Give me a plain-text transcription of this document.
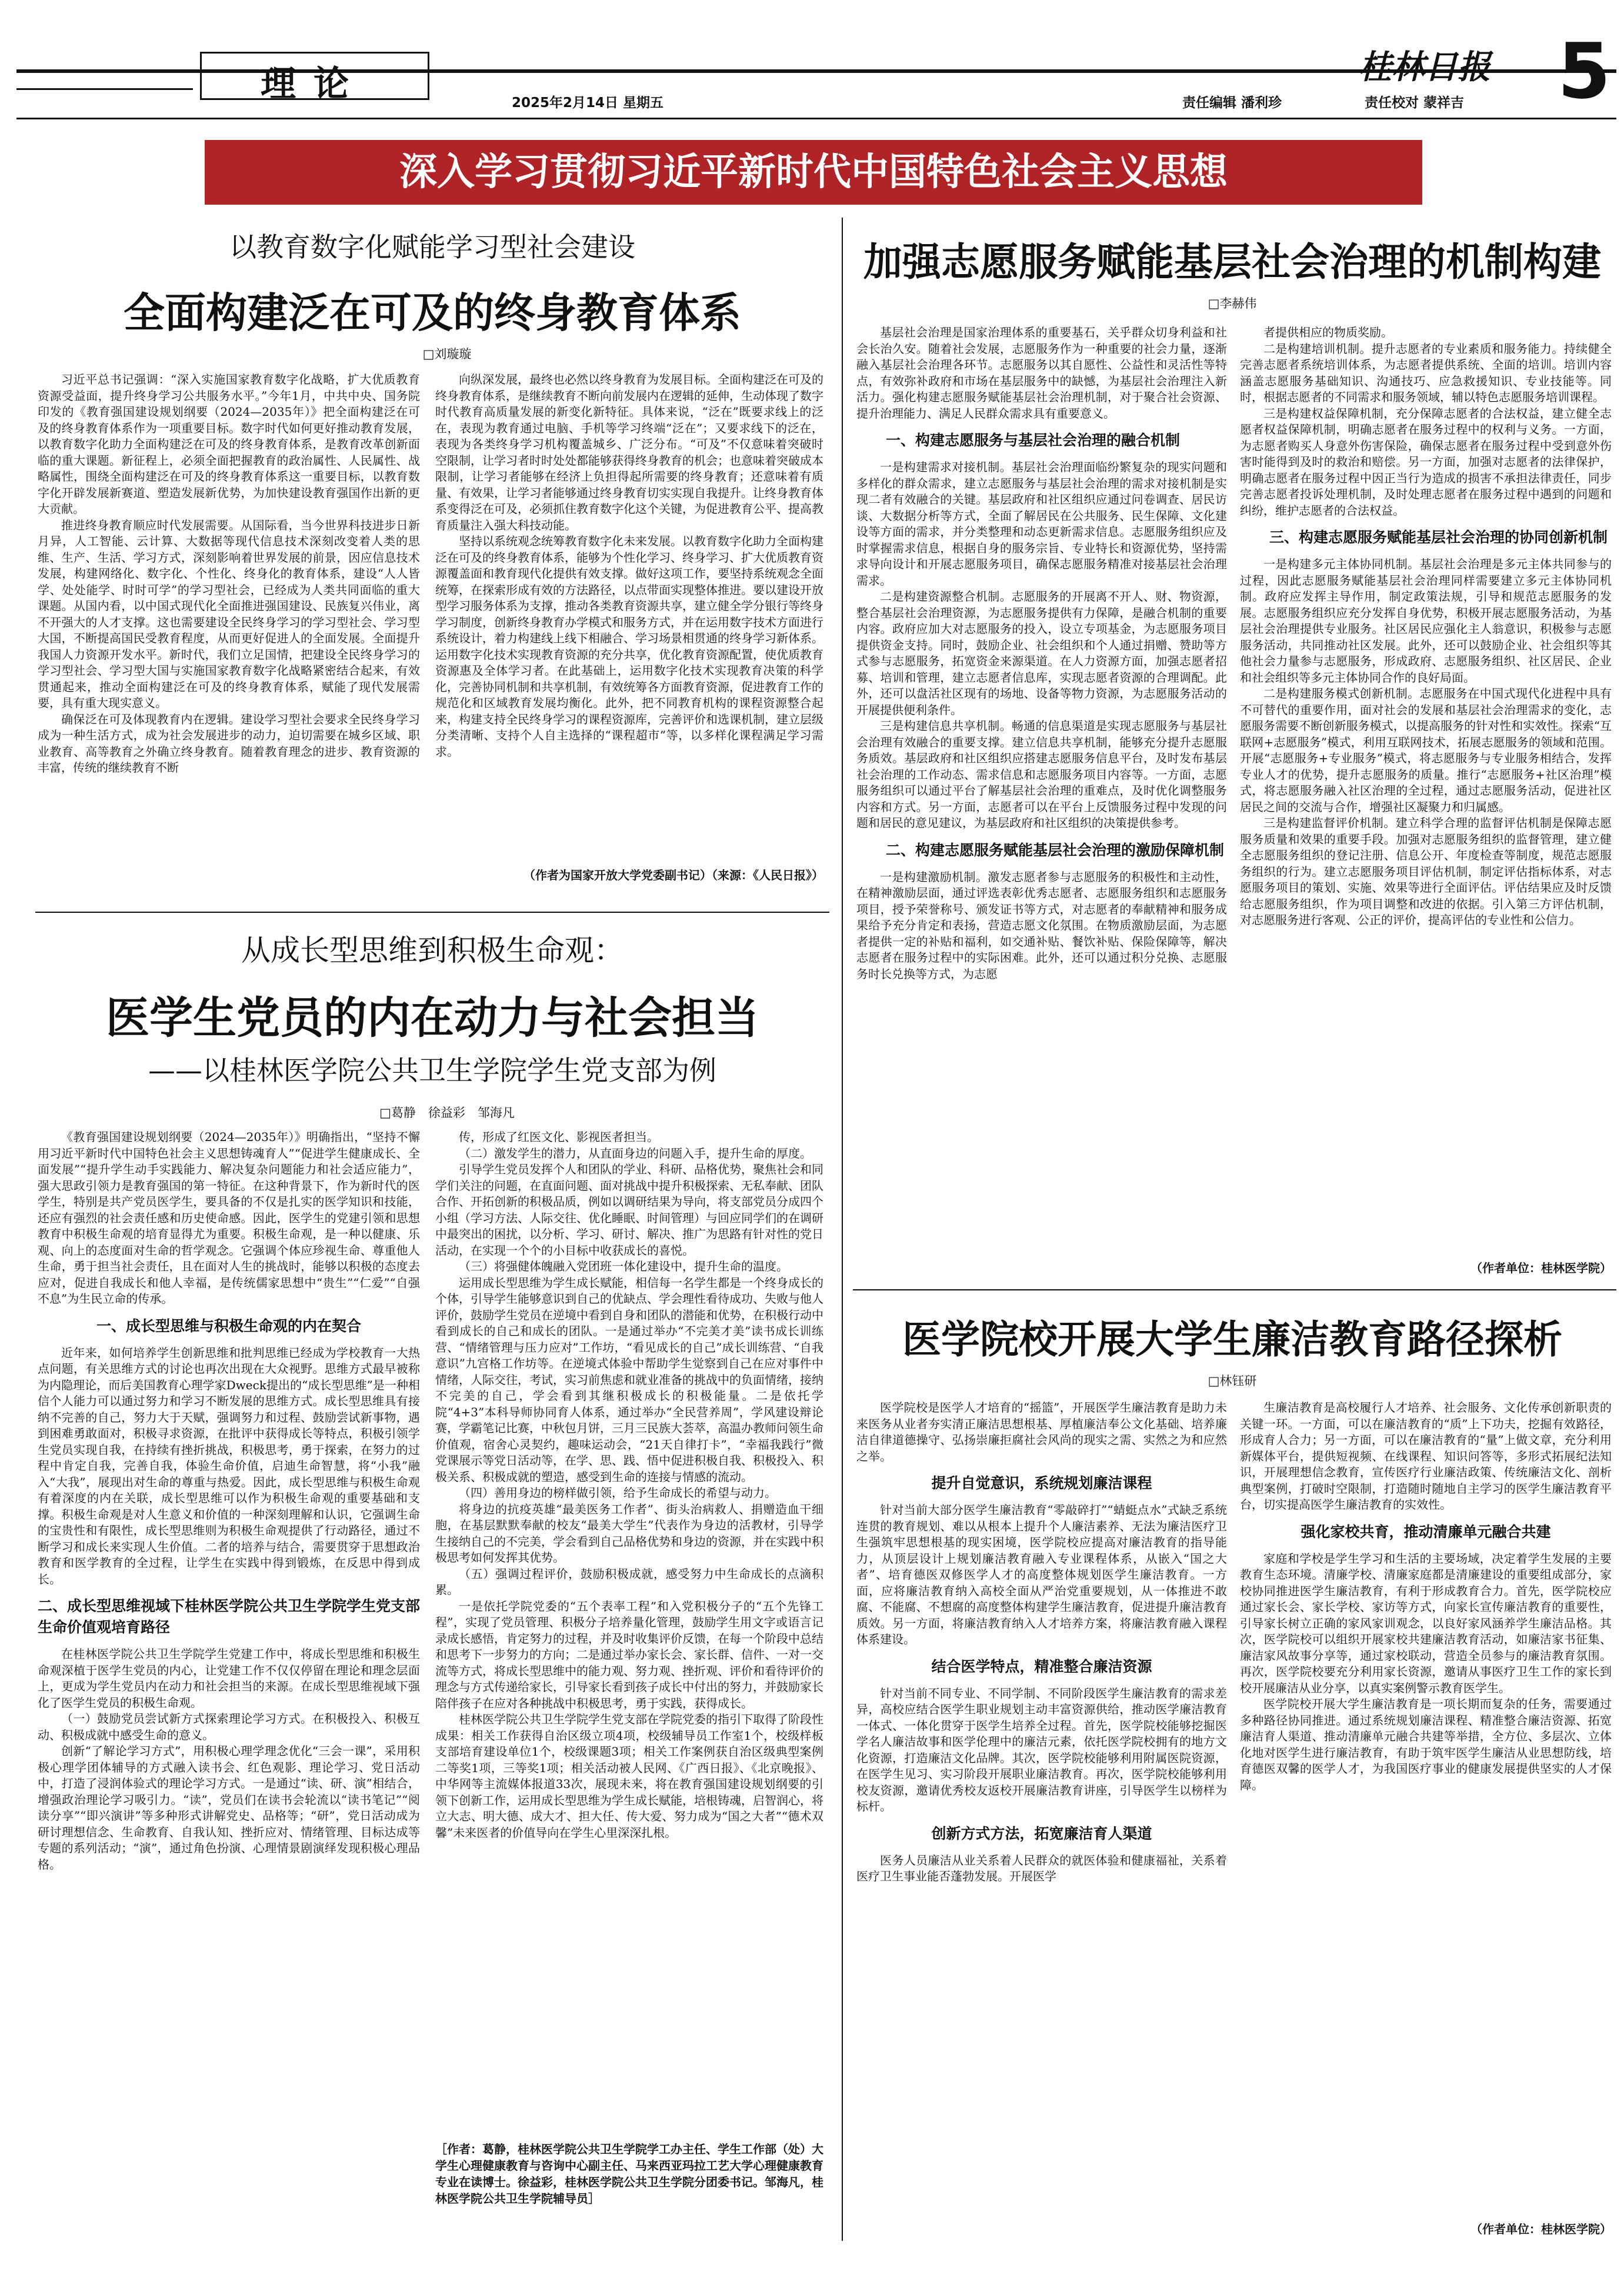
理论	2025年2月14日 星期五
桂林日报
责任编辑 潘利珍	责任校对 蒙祥吉 5
深入学习贯彻习近平新时代中国特色社会主义思想
以教育数字化赋能学习型社会建设
全面构建泛在可及的终身教育体系
□刘璇璇

习近平总书记强调：“深入实施国家教育数字化战略，扩大优质教育资源受益面，提升终身学习公共服务水平。”今年1月，中共中央、国务院印发的《教育强国建设规划纲要（2024—2035年）》把全面构建泛在可及的终身教育体系作为一项重要目标。数字时代如何更好推动教育发展，以教育数字化助力全面构建泛在可及的终身教育体系，是教育改革创新面临的重大课题。新征程上，必须全面把握教育的政治属性、人民属性、战略属性，围绕全面构建泛在可及的终身教育体系这一重要目标，以教育数字化开辟发展新赛道、塑造发展新优势，为加快建设教育强国作出新的更大贡献。

推进终身教育顺应时代发展需要。从国际看，当今世界科技进步日新月异，人工智能、云计算、大数据等现代信息技术深刻改变着人类的思维、生产、生活、学习方式，深刻影响着世界发展的前景，因应信息技术发展，构建网络化、数字化、个性化、终身化的教育体系，建设“人人皆学、处处能学、时时可学”的学习型社会，已经成为人类共同面临的重大课题。从国内看，以中国式现代化全面推进强国建设、民族复兴伟业，离不开强大的人才支撑。这也需要建设全民终身学习的学习型社会、学习型大国，不断提高国民受教育程度，从而更好促进人的全面发展。全面提升我国人力资源开发水平。新时代，我们立足国情，把建设全民终身学习的学习型社会、学习型大国与实施国家教育数字化战略紧密结合起来，有效贯通起来，推动全面构建泛在可及的终身教育体系，赋能了现代发展需要，具有重大现实意义。

确保泛在可及体现教育内在逻辑。建设学习型社会要求全民终身学习成为一种生活方式，成为社会发展进步的动力，迫切需要在城乡区域、职业教育、高等教育之外确立终身教育。随着教育理念的进步、教育资源的丰富，传统的继续教育不断

向纵深发展，最终也必然以终身教育为发展目标。全面构建泛在可及的终身教育体系，是继续教育不断向前发展内在逻辑的延伸，生动体现了数字时代教育高质量发展的新变化新特征。具体来说，“泛在”既要求线上的泛在，表现为教育通过电脑、手机等学习终端“泛在”；又要求线下的泛在，表现为各类终身学习机构覆盖城乡、广泛分布。“可及”不仅意味着突破时空限制，让学习者时时处处都能够获得终身教育的机会；也意味着突破成本限制，让学习者能够在经济上负担得起所需要的终身教育；还意味着有质量、有效果，让学习者能够通过终身教育切实实现自我提升。让终身教育体系变得泛在可及，必须抓住教育数字化这个关键，为促进教育公平、提高教育质量注入强大科技动能。

坚持以系统观念统筹教育数字化未来发展。以教育数字化助力全面构建泛在可及的终身教育体系，能够为个性化学习、终身学习、扩大优质教育资源覆盖面和教育现代化提供有效支撑。做好这项工作，要坚持系统观念全面统筹，在探索形成有效的方法路径，以点带面实现整体推进。要以建设开放型学习服务体系为支撑，推动各类教育资源共享，建立健全学分银行等终身学习制度，创新终身教育办学模式和服务方式，并在运用数字技术方面进行系统设计，着力构建线上线下相融合、学习场景相贯通的终身学习新体系。运用数字化技术实现教育资源的充分共享，优化教育资源配置，使优质教育资源惠及全体学习者。在此基础上，运用数字化技术实现教育决策的科学化，完善协同机制和共享机制，有效统筹各方面教育资源，促进教育工作的规范化和区域教育发展均衡化。此外，把不同教育机构的课程资源整合起来，构建支持全民终身学习的课程资源库，完善评价和选课机制，建立层级分类清晰、支持个人自主选择的“课程超市”等，以多样化课程满足学习需求。

（作者为国家开放大学党委副书记）（来源：《人民日报》）
从成长型思维到积极生命观：
医学生党员的内在动力与社会担当
——以桂林医学院公共卫生学院学生党支部为例
□葛静　徐益彩　邹海凡

《教育强国建设规划纲要（2024—2035年）》明确指出，“坚持不懈用习近平新时代中国特色社会主义思想铸魂育人”“促进学生健康成长、全面发展”“提升学生动手实践能力、解决复杂问题能力和社会适应能力”，强大思政引领力是教育强国的第一特征。在这种背景下，作为新时代的医学生，特别是共产党员医学生，要具备的不仅是扎实的医学知识和技能，还应有强烈的社会责任感和历史使命感。因此，医学生的党建引领和思想教育中积极生命观的培育显得尤为重要。积极生命观，是一种以健康、乐观、向上的态度面对生命的哲学观念。它强调个体应珍视生命、尊重他人生命，勇于担当社会责任，且在面对人生的挑战时，能够以积极的态度去应对，促进自我成长和他人幸福，是传统儒家思想中“贵生”“仁爱”“自强不息”为生民立命的传承。

一、成长型思维与积极生命观的内在契合

近年来，如何培养学生创新思维和批判思维已经成为学校教育一大热点问题，有关思维方式的讨论也再次出现在大众视野。思维方式最早被称为内隐理论，而后美国教育心理学家Dweck提出的“成长型思维”是一种相信个人能力可以通过努力和学习不断发展的思维方式。成长型思维具有接纳不完善的自己，努力大于天赋，强调努力和过程、鼓励尝试新事物，遇到困难勇敢面对，积极寻求资源，在批评中获得成长等特点，积极引领学生党员实现自我，在持续有挫折挑战，积极思考，勇于探索，在努力的过程中肯定自我，完善自我，体验生命价值，启迪生命智慧，将“小我”融入“大我”，展现出对生命的尊重与热爱。因此，成长型思维与积极生命观有着深度的内在关联，成长型思维可以作为积极生命观的重要基础和支撑。积极生命观是对人生意义和价值的一种深刻理解和认识，它强调生命的宝贵性和有限性，成长型思维则为积极生命观提供了行动路径，通过不断学习和成长来实现人生价值。二者的培养与结合，需要贯穿于思想政治教育和医学教育的全过程，让学生在实践中得到锻炼，在反思中得到成长。

二、成长型思维视域下桂林医学院公共卫生学院学生党支部生命价值观培育路径

在桂林医学院公共卫生学院学生党建工作中，将成长型思维和积极生命观深植于医学生党员的内心，让党建工作不仅仅停留在理论和理念层面上，更成为学生党员内在动力和社会担当的来源。在成长型思维视域下强化了医学生党员的积极生命观。

（一）鼓励党员尝试新方式探索理论学习方式。在积极投入、积极互动、积极成就中感受生命的意义。

创新“了解论学习方式”，用积极心理学理念优化“三会一课”，采用积极心理学团体辅导的方式融入读书会、红色观影、理论学习、党日活动中，打造了浸润体验式的理论学习方式。一是通过“读、研、演”相结合，增强政治理论学习吸引力。“读”，党员们在读书会轮流以“读书笔记”“阅读分享”“即兴演讲”等多种形式讲解党史、品格等；“研”，党日活动成为研讨理想信念、生命教育、自我认知、挫折应对、情绪管理、目标达成等专题的系列活动；“演”，通过角色扮演、心理情景剧演绎发现积极心理品格。

传，形成了红医文化、影视医者担当。

（二）激发学生的潜力，从直面身边的问题入手，提升生命的厚度。

引导学生党员发挥个人和团队的学业、科研、品格优势，聚焦社会和同学们关注的问题，在直面问题、面对挑战中提升积极探索、无私奉献、团队合作、开拓创新的积极品质，例如以调研结果为导向，将支部党员分成四个小组（学习方法、人际交往、优化睡眠、时间管理）与回应同学们的在调研中最突出的困扰，以分析、学习、研讨、解决、推广为思路有针对性的党日活动，在实现一个个的小目标中收获成长的喜悦。

（三）将强健体魄融入党团班一体化建设中，提升生命的温度。

运用成长型思维为学生成长赋能，相信每一名学生都是一个终身成长的个体，引导学生能够意识到自己的优缺点、学会理性看待成功、失败与他人评价，鼓励学生党员在逆境中看到自身和团队的潜能和优势，在积极行动中看到成长的自己和成长的团队。一是通过举办“不完美才美”读书成长训练营、“情绪管理与压力应对”工作坊，“看见成长的自己”成长训练营、“自我意识”九宫格工作坊等。在逆境式体验中帮助学生觉察到自己在应对事件中情绪，人际交往，考试，实习前焦虑和就业准备的挑战中的负面情绪，接纳不完美的自己，学会看到其继积极成长的积极能量。二是依托学院“4+3”本科导师协同育人体系，通过举办“全民营养周”，学风建设辩论赛，学霸笔记比赛，中秋包月饼，三月三民族大荟萃，高温办教师问领生命价值观，宿舍心灵契约，趣味运动会，“21天自律打卡”，“幸福我践行”微党课展示等党日活动等，在学、思、践、悟中促进积极自我、积极投入、积极关系、积极成就的塑造，感受到生命的连接与情感的流动。

（四）善用身边的榜样做引领，给予生命成长的希望与动力。

将身边的抗疫英雄“最美医务工作者”、街头治病救人、捐赠造血干细胞，在基层默默奉献的校友“最美大学生”代表作为身边的活教材，引导学生接纳自己的不完美，学会看到自己品格优势和身边的资源，并在实践中积极思考如何发挥其优势。

（五）强调过程评价，鼓励积极成就，感受努力中生命成长的点滴积累。

一是依托学院党委的“五个表率工程”和入党积极分子的“五个先锋工程”，实现了党员管理、积极分子培养量化管理，鼓励学生用文字或语言记录成长感悟，肯定努力的过程，并及时收集评价反馈，在每一个阶段中总结和思考下一步努力的方向；二是通过举办家长会、家长群、信件、一对一交流等方式，将成长型思维中的能力观、努力观、挫折观、评价和看待评价的理念与方式传递给家长，引导家长看到孩子成长中付出的努力，并鼓励家长陪伴孩子在应对各种挑战中积极思考，勇于实践，获得成长。

桂林医学院公共卫生学院学生党支部在学院党委的指引下取得了阶段性成果：相关工作获得自治区级立项4项，校级辅导员工作室1个，校级样板支部培育建设单位1个，校级课题3项；相关工作案例获自治区级典型案例二等奖1项，三等奖1项；相关活动被人民网、《广西日报》、《北京晚报》、中华网等主流媒体报道33次，展现未来，将在教育强国建设规划纲要的引领下创新工作，运用成长型思维为学生成长赋能，培根铸魂，启智润心，将立大志、明大德、成大才、担大任、传大爱、努力成为“国之大者”“德术双馨”未来医者的价值导向在学生心里深深扎根。

［作者：葛静，桂林医学院公共卫生学院学工办主任、学生工作部（处）大学生心理健康教育与咨询中心副主任、马来西亚玛拉工艺大学心理健康教育专业在读博士。徐益彩，桂林医学院公共卫生学院分团委书记。邹海凡，桂林医学院公共卫生学院辅导员］
加强志愿服务赋能基层社会治理的机制构建
□李赫伟

基层社会治理是国家治理体系的重要基石，关乎群众切身利益和社会长治久安。随着社会发展，志愿服务作为一种重要的社会力量，逐渐融入基层社会治理各环节。志愿服务以其自愿性、公益性和灵活性等特点，有效弥补政府和市场在基层服务中的缺憾，为基层社会治理注入新活力。强化构建志愿服务赋能基层社会治理机制，对于聚合社会资源、提升治理能力、满足人民群众需求具有重要意义。

一、构建志愿服务与基层社会治理的融合机制

一是构建需求对接机制。基层社会治理面临纷繁复杂的现实问题和多样化的群众需求，建立志愿服务与基层社会治理的需求对接机制是实现二者有效融合的关键。基层政府和社区组织应通过问卷调查、居民访谈、大数据分析等方式，全面了解居民在公共服务、民生保障、文化建设等方面的需求，并分类整理和动态更新需求信息。志愿服务组织应及时掌握需求信息，根据自身的服务宗旨、专业特长和资源优势，坚持需求导向设计和开展志愿服务项目，确保志愿服务精准对接基层社会治理需求。

二是构建资源整合机制。志愿服务的开展离不开人、财、物资源，整合基层社会治理资源，为志愿服务提供有力保障，是融合机制的重要内容。政府应加大对志愿服务的投入，设立专项基金，为志愿服务项目提供资金支持。同时，鼓励企业、社会组织和个人通过捐赠、赞助等方式参与志愿服务，拓宽资金来源渠道。在人力资源方面，加强志愿者招募、培训和管理，建立志愿者信息库，实现志愿者资源的合理调配。此外，还可以盘活社区现有的场地、设备等物力资源，为志愿服务活动的开展提供便利条件。

三是构建信息共享机制。畅通的信息渠道是实现志愿服务与基层社会治理有效融合的重要支撑。建立信息共享机制，能够充分提升志愿服务质效。基层政府和社区组织应搭建志愿服务信息平台，及时发布基层社会治理的工作动态、需求信息和志愿服务项目内容等。一方面，志愿服务组织可以通过平台了解基层社会治理的重难点，及时优化调整服务内容和方式。另一方面，志愿者可以在平台上反馈服务过程中发现的问题和居民的意见建议，为基层政府和社区组织的决策提供参考。

二、构建志愿服务赋能基层社会治理的激励保障机制

一是构建激励机制。激发志愿者参与志愿服务的积极性和主动性，在精神激励层面，通过评选表彰优秀志愿者、志愿服务组织和志愿服务项目，授予荣誉称号、颁发证书等方式，对志愿者的奉献精神和服务成果给予充分肯定和表扬，营造志愿文化氛围。在物质激励层面，为志愿者提供一定的补贴和福利，如交通补贴、餐饮补贴、保险保障等，解决志愿者在服务过程中的实际困难。此外，还可以通过积分兑换、志愿服务时长兑换等方式，为志愿

者提供相应的物质奖励。

二是构建培训机制。提升志愿者的专业素质和服务能力。持续健全完善志愿者系统培训体系，为志愿者提供系统、全面的培训。培训内容涵盖志愿服务基础知识、沟通技巧、应急救援知识、专业技能等。同时，根据志愿者的不同需求和服务领域，辅以特色志愿服务培训课程。

三是构建权益保障机制，充分保障志愿者的合法权益，建立健全志愿者权益保障机制，明确志愿者在服务过程中的权利与义务。一方面，为志愿者购买人身意外伤害保险，确保志愿者在服务过程中受到意外伤害时能得到及时的救治和赔偿。另一方面，加强对志愿者的法律保护，明确志愿者在服务过程中因正当行为造成的损害不承担法律责任，同步完善志愿者投诉处理机制，及时处理志愿者在服务过程中遇到的问题和纠纷，维护志愿者的合法权益。

三、构建志愿服务赋能基层社会治理的协同创新机制

一是构建多元主体协同机制。基层社会治理是多元主体共同参与的过程，因此志愿服务赋能基层社会治理同样需要建立多元主体协同机制。政府应发挥主导作用，制定政策法规，引导和规范志愿服务的发展。志愿服务组织应充分发挥自身优势，积极开展志愿服务活动，为基层社会治理提供专业服务。社区居民应强化主人翁意识，积极参与志愿服务活动，共同推动社区发展。此外，还可以鼓励企业、社会组织等其他社会力量参与志愿服务，形成政府、志愿服务组织、社区居民、企业和社会组织等多元主体协同合作的良好局面。

二是构建服务模式创新机制。志愿服务在中国式现代化进程中具有不可替代的重要作用，面对社会的发展和基层社会治理需求的变化，志愿服务需要不断创新服务模式，以提高服务的针对性和实效性。探索“互联网+志愿服务”模式，利用互联网技术，拓展志愿服务的领域和范围。开展“志愿服务+专业服务”模式，将志愿服务与专业服务相结合，发挥专业人才的优势，提升志愿服务的质量。推行“志愿服务+社区治理”模式，将志愿服务融入社区治理的全过程，通过志愿服务活动，促进社区居民之间的交流与合作，增强社区凝聚力和归属感。

三是构建监督评价机制。建立科学合理的监督评估机制是保障志愿服务质量和效果的重要手段。加强对志愿服务组织的监督管理，建立健全志愿服务组织的登记注册、信息公开、年度检查等制度，规范志愿服务组织的行为。建立志愿服务项目评估机制，制定评估指标体系，对志愿服务项目的策划、实施、效果等进行全面评估。评估结果应及时反馈给志愿服务组织，作为项目调整和改进的依据。引入第三方评估机制，对志愿服务进行客观、公正的评价，提高评估的专业性和公信力。

（作者单位：桂林医学院）
医学院校开展大学生廉洁教育路径探析
□林钰研

医学院校是医学人才培育的“摇篮”，开展医学生廉洁教育是助力未来医务从业者夯实清正廉洁思想根基、厚植廉洁奉公文化基础、培养廉洁自律道德操守、弘扬崇廉拒腐社会风尚的现实之需、实然之为和应然之举。

提升自觉意识，系统规划廉洁课程

针对当前大部分医学生廉洁教育“零敲碎打”“蜻蜓点水”式缺乏系统连贯的教育规划、难以从根本上提升个人廉洁素养、无法为廉洁医疗卫生强筑牢思想根基的现实困境，医学院校应提高对廉洁教育的指导能力，从顶层设计上规划廉洁教育融入专业课程体系，从嵌入“国之大者”、培育德医双修医学人才的高度整体规划医学生廉洁教育。一方面，应将廉洁教育纳入高校全面从严治党重要规划，从一体推进不敢腐、不能腐、不想腐的高度整体构建学生廉洁教育，促进提升廉洁教育质效。另一方面，将廉洁教育纳入人才培养方案，将廉洁教育融入课程体系建设。

结合医学特点，精准整合廉洁资源

针对当前不同专业、不同学制、不同阶段医学生廉洁教育的需求差异，高校应结合医学生职业规划主动丰富资源供给，推动医学廉洁教育一体式、一体化贯穿于医学生培养全过程。首先，医学院校能够挖掘医学名人廉洁故事和医学伦理中的廉洁元素，依托医学院校拥有的地方文化资源，打造廉洁文化品牌。其次，医学院校能够利用附属医院资源，在医学生见习、实习阶段开展职业廉洁教育。再次，医学院校能够利用校友资源，邀请优秀校友返校开展廉洁教育讲座，引导医学生以榜样为标杆。

创新方式方法，拓宽廉洁育人渠道

医务人员廉洁从业关系着人民群众的就医体验和健康福祉，关系着医疗卫生事业能否蓬勃发展。开展医学

生廉洁教育是高校履行人才培养、社会服务、文化传承创新职责的关键一环。一方面，可以在廉洁教育的“质”上下功夫，挖掘有效路径，形成育人合力；另一方面，可以在廉洁教育的“量”上做文章，充分利用新媒体平台，提供短视频、在线课程、知识问答等，多形式拓展纪法知识，开展理想信念教育，宣传医疗行业廉洁政策、传统廉洁文化、剖析典型案例，打破时空限制，打造随时随地自主学习的医学生廉洁教育平台，切实提高医学生廉洁教育的实效性。

强化家校共育，推动清廉单元融合共建

家庭和学校是学生学习和生活的主要场域，决定着学生发展的主要教育生态环境。清廉学校、清廉家庭都是清廉建设的重要组成部分，家校协同推进医学生廉洁教育，有利于形成教育合力。首先，医学院校应通过家长会、家长学校、家访等方式，向家长宣传廉洁教育的重要性，引导家长树立正确的家风家训观念，以良好家风涵养学生廉洁品格。其次，医学院校可以组织开展家校共建廉洁教育活动，如廉洁家书征集、廉洁家风故事分享等，通过家校联动，营造全员参与的廉洁教育氛围。再次，医学院校要充分利用家长资源，邀请从事医疗卫生工作的家长到校开展廉洁从业分享，以真实案例警示教育医学生。

医学院校开展大学生廉洁教育是一项长期而复杂的任务，需要通过多种路径协同推进。通过系统规划廉洁课程、精准整合廉洁资源、拓宽廉洁育人渠道、推动清廉单元融合共建等举措，全方位、多层次、立体化地对医学生进行廉洁教育，有助于筑牢医学生廉洁从业思想防线，培育德医双馨的医学人才，为我国医疗事业的健康发展提供坚实的人才保障。

（作者单位：桂林医学院）
